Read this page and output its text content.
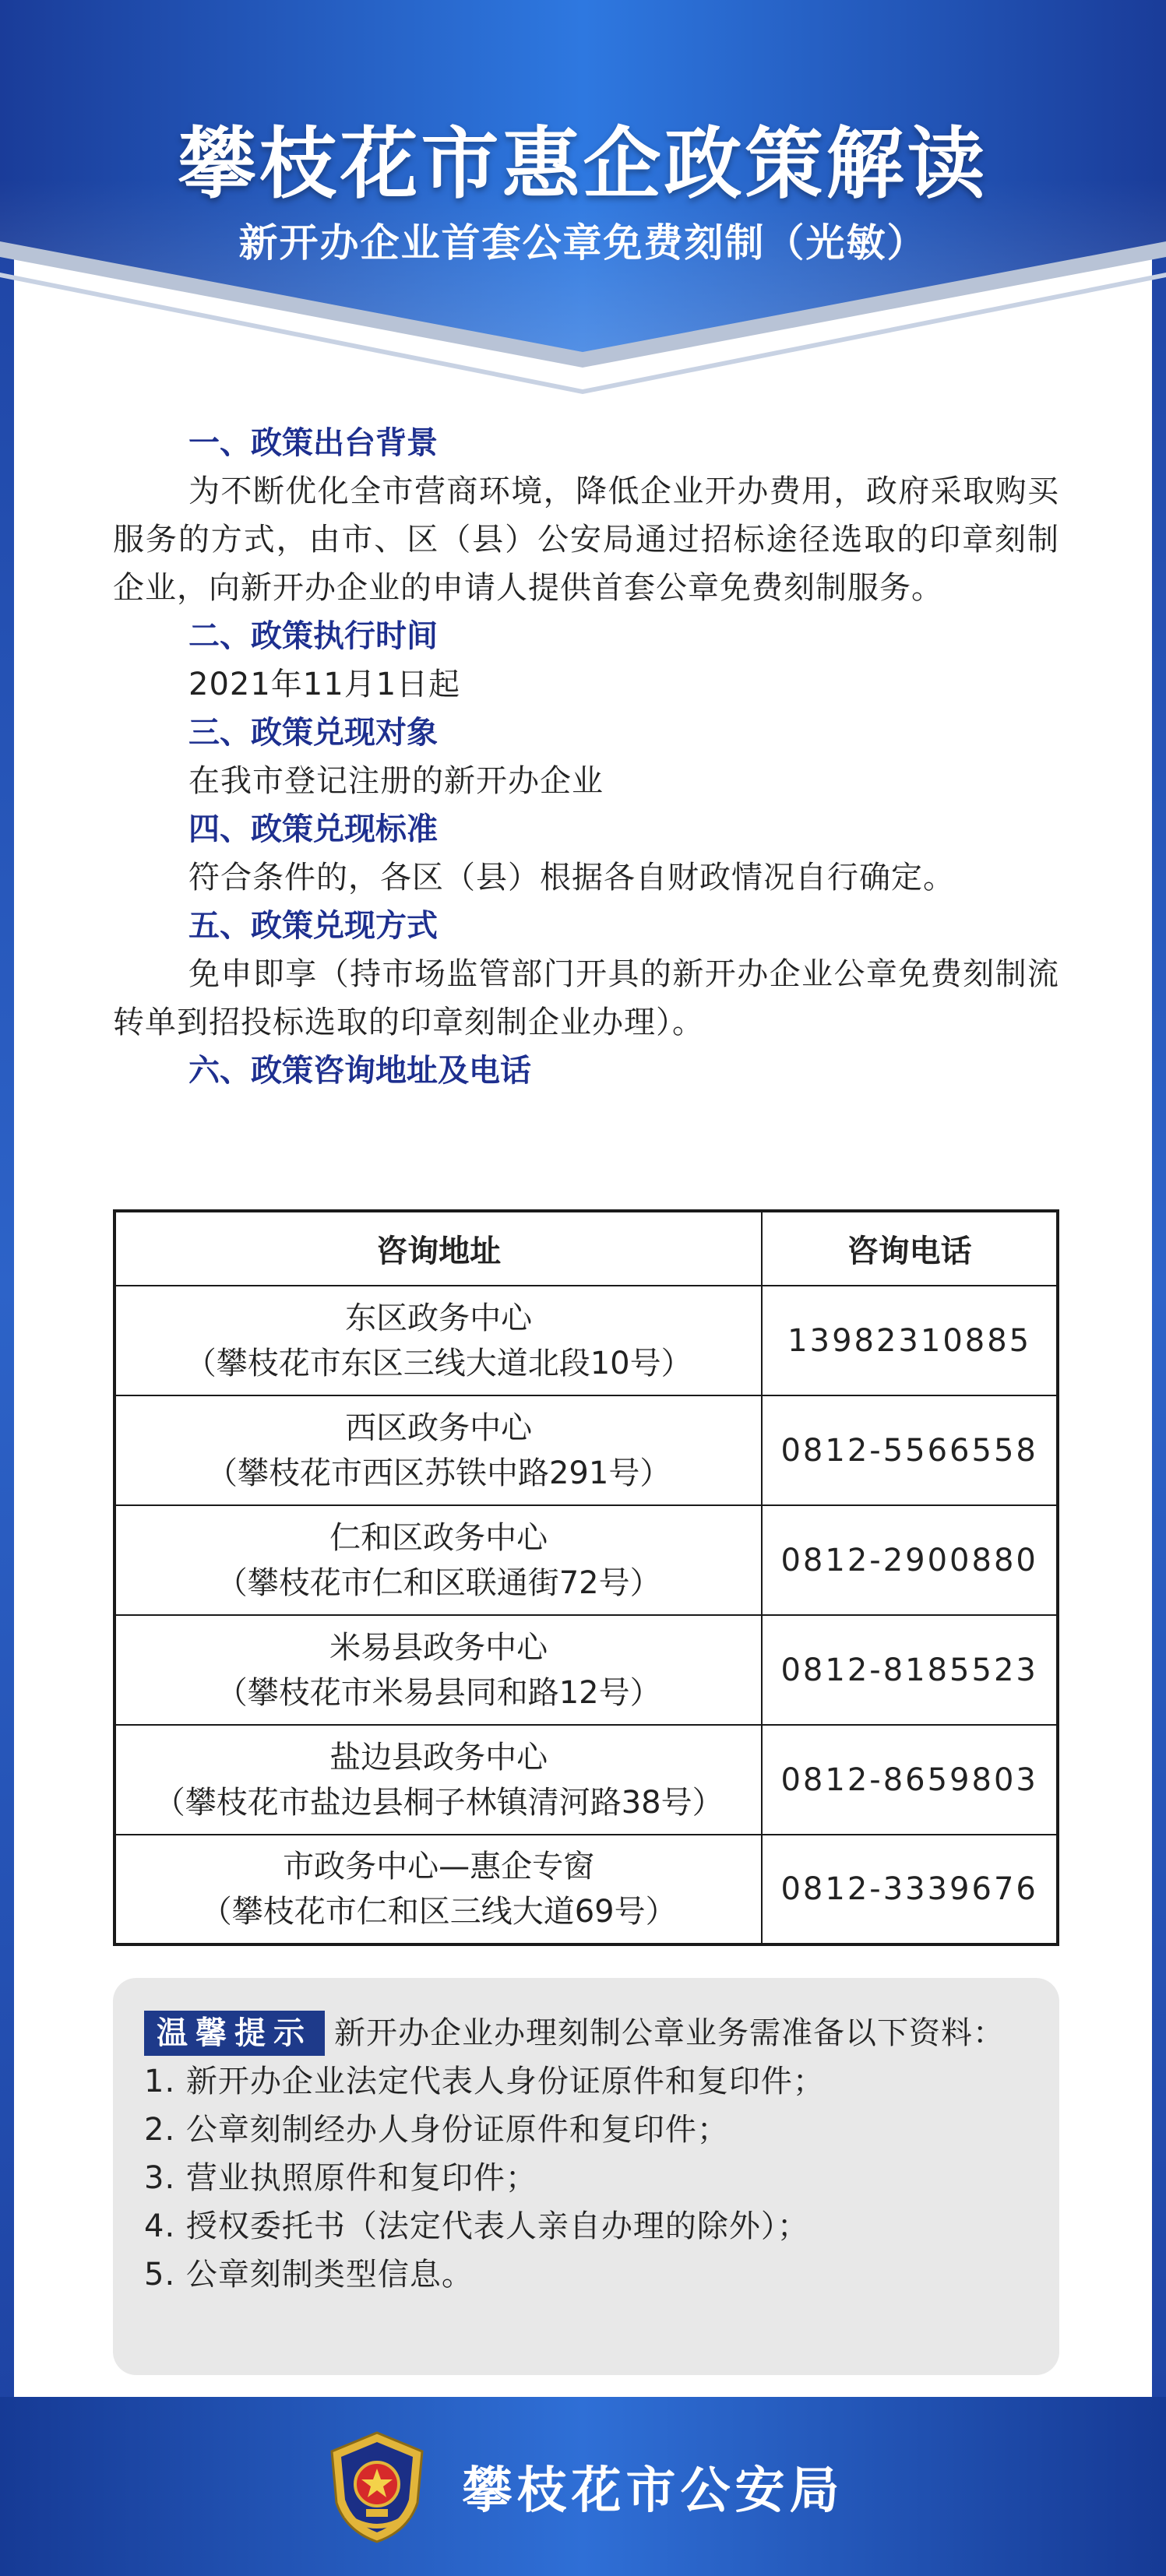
攀枝花市惠企政策解读
新开办企业首套公章免费刻制（光敏）
一、政策出台背景
为不断优化全市营商环境，降低企业开办费用，政府采取购买服务的方式，由市、区（县）公安局通过招标途径选取的印章刻制企业，向新开办企业的申请人提供首套公章免费刻制服务。
二、政策执行时间
2021年11月1日起
三、政策兑现对象
在我市登记注册的新开办企业
四、政策兑现标准
符合条件的，各区（县）根据各自财政情况自行确定。
五、政策兑现方式
免申即享（持市场监管部门开具的新开办企业公章免费刻制流转单到招投标选取的印章刻制企业办理）。
六、政策咨询地址及电话
咨询地址	咨询电话

东区政务中心
（攀枝花市东区三线大道北段10号）	13982310885

西区政务中心
（攀枝花市西区苏铁中路291号）	0812-5566558

仁和区政务中心
（攀枝花市仁和区联通街72号）	0812-2900880

米易县政务中心
（攀枝花市米易县同和路12号）	0812-8185523

盐边县政务中心
（攀枝花市盐边县桐子林镇清河路38号）	0812-8659803

市政务中心—惠企专窗
（攀枝花市仁和区三线大道69号）	0812-3339676
温馨提示 新开办企业办理刻制公章业务需准备以下资料：
1. 新开办企业法定代表人身份证原件和复印件；
2. 公章刻制经办人身份证原件和复印件；
3. 营业执照原件和复印件；
4. 授权委托书（法定代表人亲自办理的除外）；
5. 公章刻制类型信息。
攀枝花市公安局
